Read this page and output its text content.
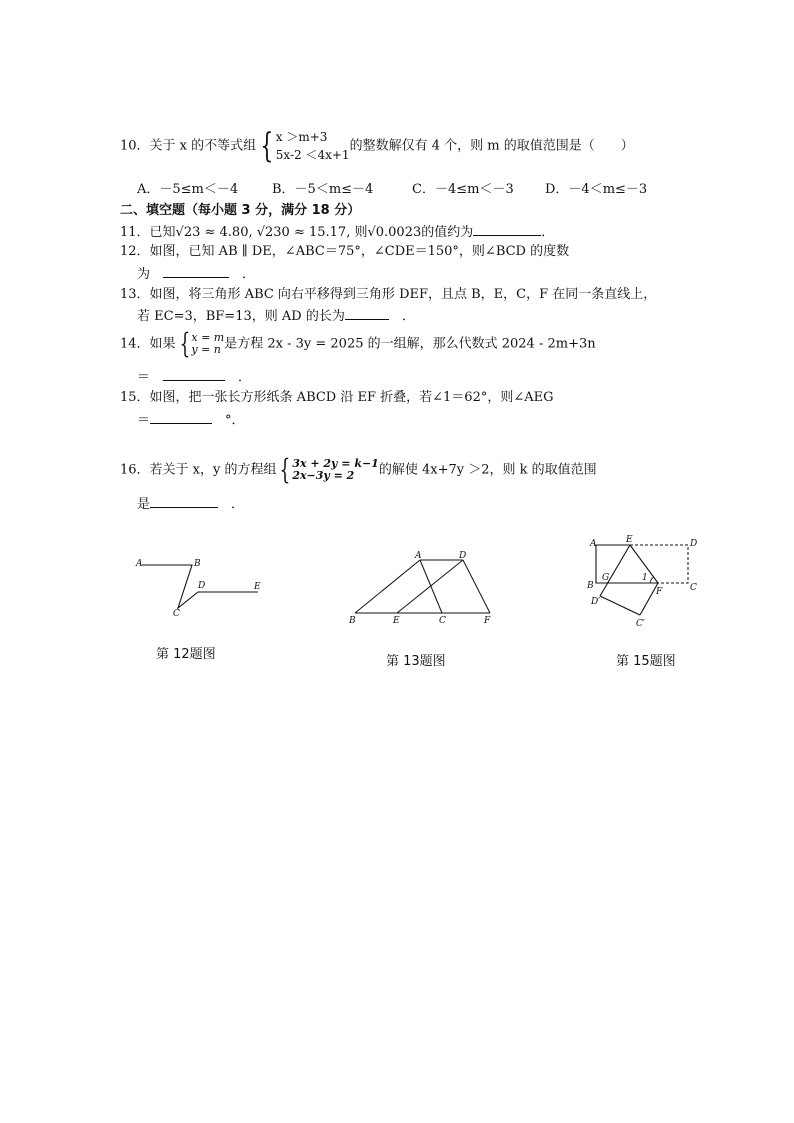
10．关于 x 的不等式组 { x ＞m+3
5x-2 ＜4x+1
的整数解仅有 4 个，则 m 的取值范围是（　　）
A．－5≤m＜－4	B．－5＜m≤－4	C．－4≤m＜－3 D．－4＜m≤－3
二、填空题（每小题 3 分，满分 18 分）
11．已知√23 ≈ 4.80, √230 ≈ 15.17, 则√0.0023的值约为	．
12．如图，已知 AB ∥ DE，∠ABC＝75°，∠CDE＝150°，则∠BCD 的度数
为　　	．
13．如图，将三角形 ABC 向右平移得到三角形 DEF，且点 B，E，C，F 在同一条直线上，
若 EC=3，BF=13，则 AD 的长为　	．
14．如果 { x = m
y = n 是方程 2x - 3y = 2025 的一组解，那么代数式 2024 - 2m+3n
＝　　	．
15．如图，把一张长方形纸条 ABCD 沿 EF 折叠，若∠1＝62°，则∠AEG
＝　	°．
16．若关于 x，y 的方程组 { 3x + 2y = k−1
2x−3y = 2	的解使 4x+7y ＞2，则 k 的取值范围
是　	．
A	B
C
D	E
第 12题图
A	D
B	E	C	F
第 13题图
A	E	D
G	1
B	C
F
D′
C′
第 15题图
